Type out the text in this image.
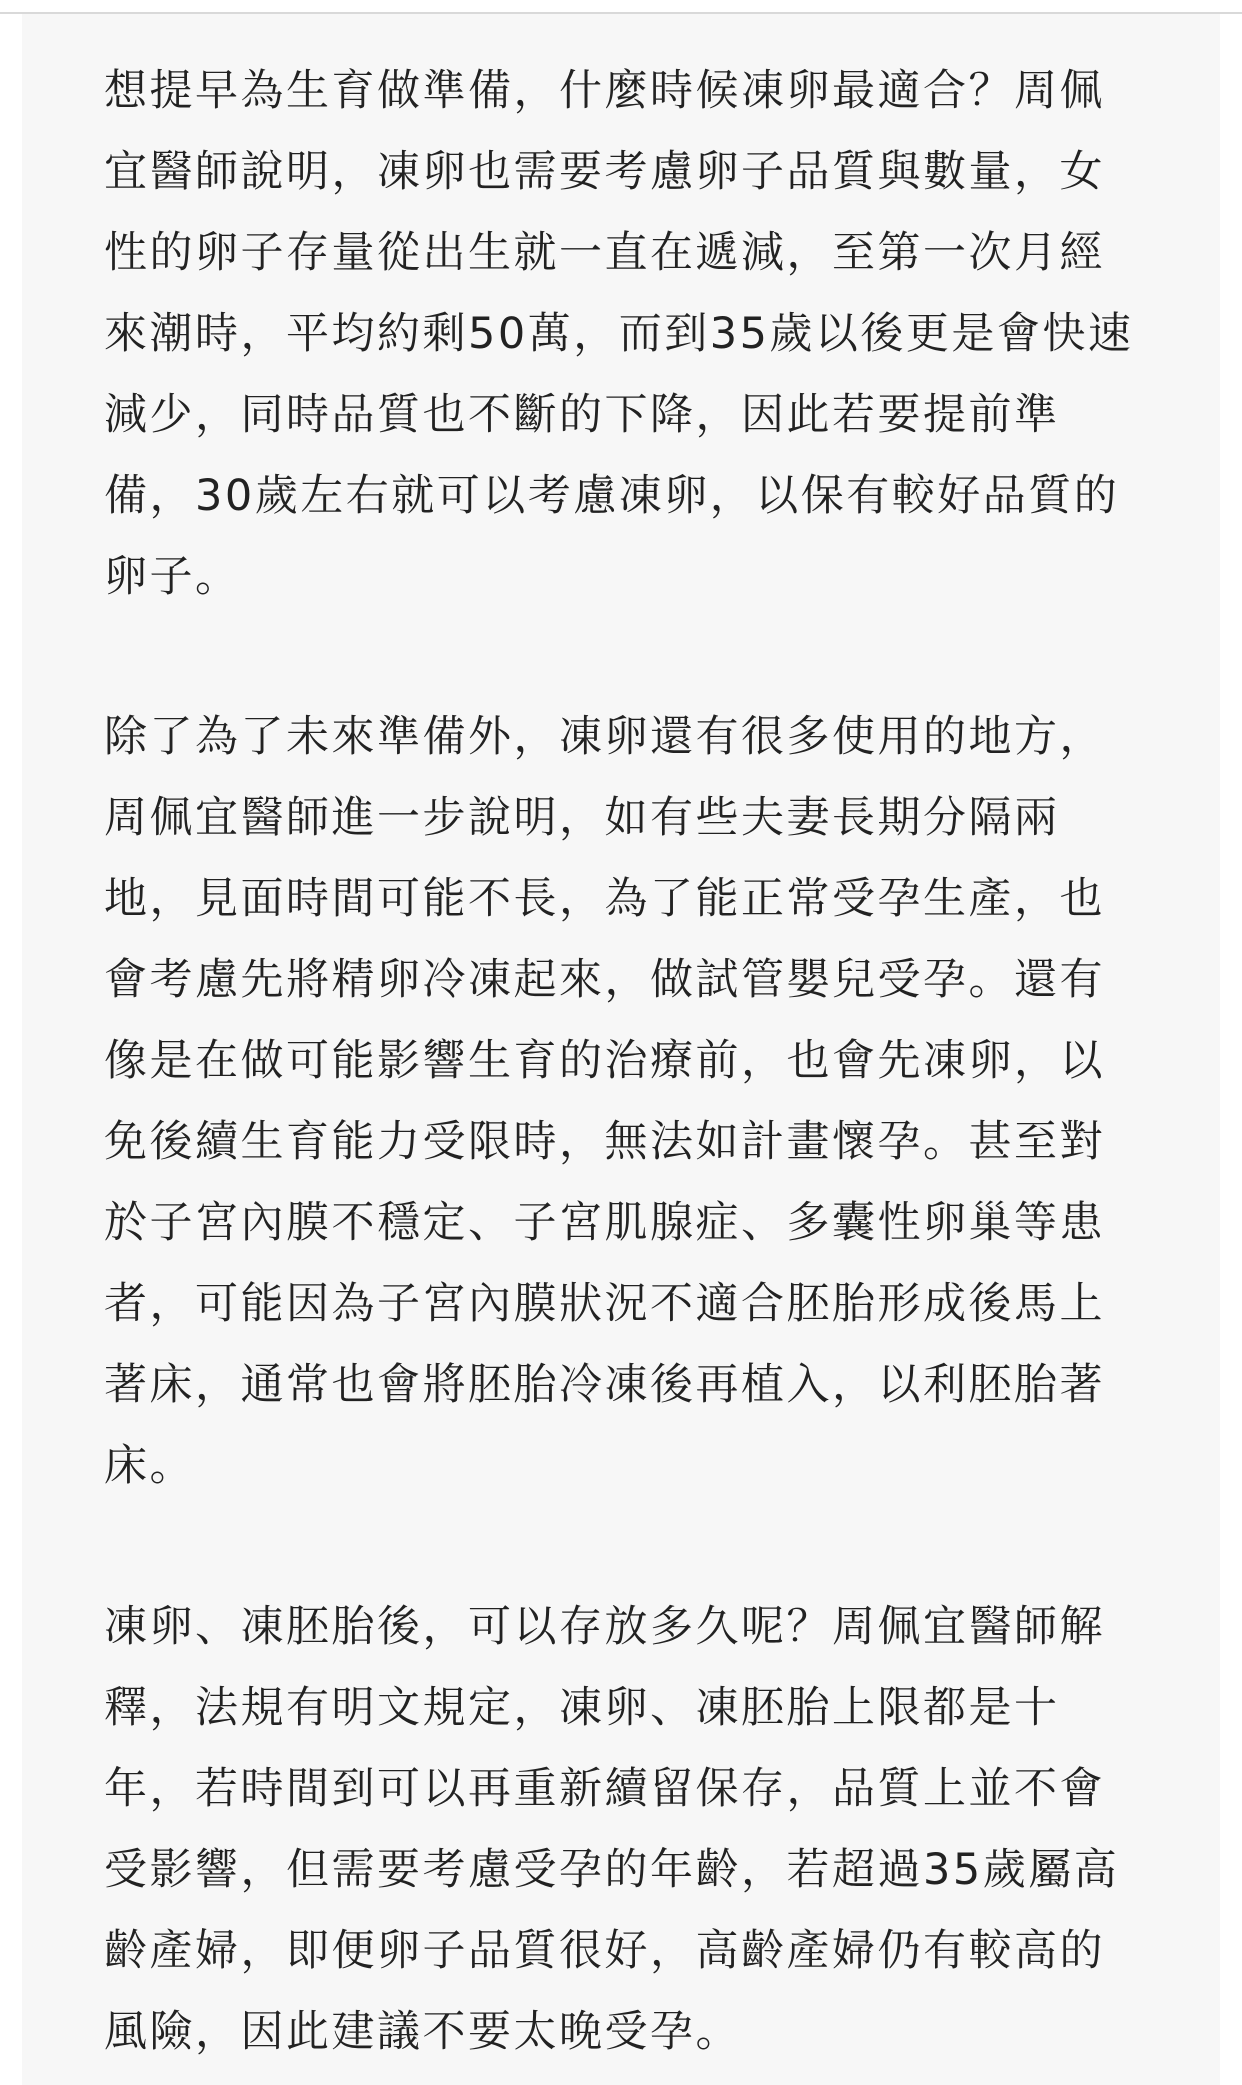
想提早為生育做準備，什麼時候凍卵最適合？周佩
宜醫師說明，凍卵也需要考慮卵子品質與數量，女
性的卵子存量從出生就一直在遞減，至第一次月經
來潮時，平均約剩50萬，而到35歲以後更是會快速
減少，同時品質也不斷的下降，因此若要提前準
備，30歲左右就可以考慮凍卵，以保有較好品質的
卵子。

除了為了未來準備外，凍卵還有很多使用的地方，
周佩宜醫師進一步說明，如有些夫妻長期分隔兩
地，見面時間可能不長，為了能正常受孕生產，也
會考慮先將精卵冷凍起來，做試管嬰兒受孕。還有
像是在做可能影響生育的治療前，也會先凍卵，以
免後續生育能力受限時，無法如計畫懷孕。甚至對
於子宮內膜不穩定、子宮肌腺症、多囊性卵巢等患
者，可能因為子宮內膜狀況不適合胚胎形成後馬上
著床，通常也會將胚胎冷凍後再植入，以利胚胎著
床。

凍卵、凍胚胎後，可以存放多久呢？周佩宜醫師解
釋，法規有明文規定，凍卵、凍胚胎上限都是十
年，若時間到可以再重新續留保存，品質上並不會
受影響，但需要考慮受孕的年齡，若超過35歲屬高
齡產婦，即便卵子品質很好，高齡產婦仍有較高的
風險，因此建議不要太晚受孕。
